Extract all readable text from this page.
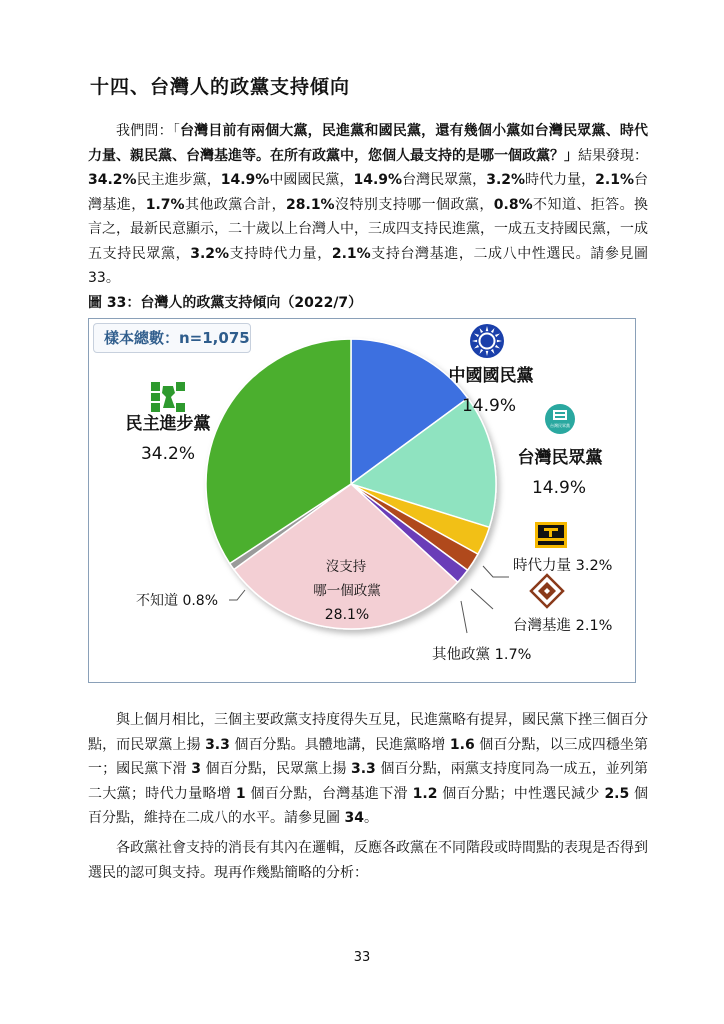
十四、台灣人的政黨支持傾向

我們問：「台灣目前有兩個大黨，民進黨和國民黨，還有幾個小黨如台灣民眾黨、時代力量、親民黨、台灣基進等。在所有政黨中，您個人最支持的是哪一個政黨？」結果發現：34.2%民主進步黨，14.9%中國國民黨，14.9%台灣民眾黨，3.2%時代力量，2.1%台灣基進，1.7%其他政黨合計，28.1%沒特別支持哪一個政黨，0.8%不知道、拒答。換言之，最新民意顯示，二十歲以上台灣人中，三成四支持民進黨，一成五支持國民黨，一成五支持民眾黨，3.2%支持時代力量，2.1%支持台灣基進，二成八中性選民。請參見圖 33。

圖 33：台灣人的政黨支持傾向（2022/7）
樣本總數：n=1,075
中國國民黨
14.9%
台灣民眾黨
台灣民眾黨
14.9%
時代力量 3.2%
台灣基進 2.1%
其他政黨 1.7%
沒支持
哪一個政黨
28.1%
不知道 0.8%
民主進步黨
34.2%

與上個月相比，三個主要政黨支持度得失互見，民進黨略有提昇，國民黨下挫三個百分點，而民眾黨上揚 3.3 個百分點。具體地講，民進黨略增 1.6 個百分點，以三成四穩坐第一；國民黨下滑 3 個百分點，民眾黨上揚 3.3 個百分點，兩黨支持度同為一成五，並列第二大黨；時代力量略增 1 個百分點，台灣基進下滑 1.2 個百分點；中性選民減少 2.5 個百分點，維持在二成八的水平。請參見圖 34。

各政黨社會支持的消長有其內在邏輯，反應各政黨在不同階段或時間點的表現是否得到選民的認可與支持。現再作幾點簡略的分析：

33
